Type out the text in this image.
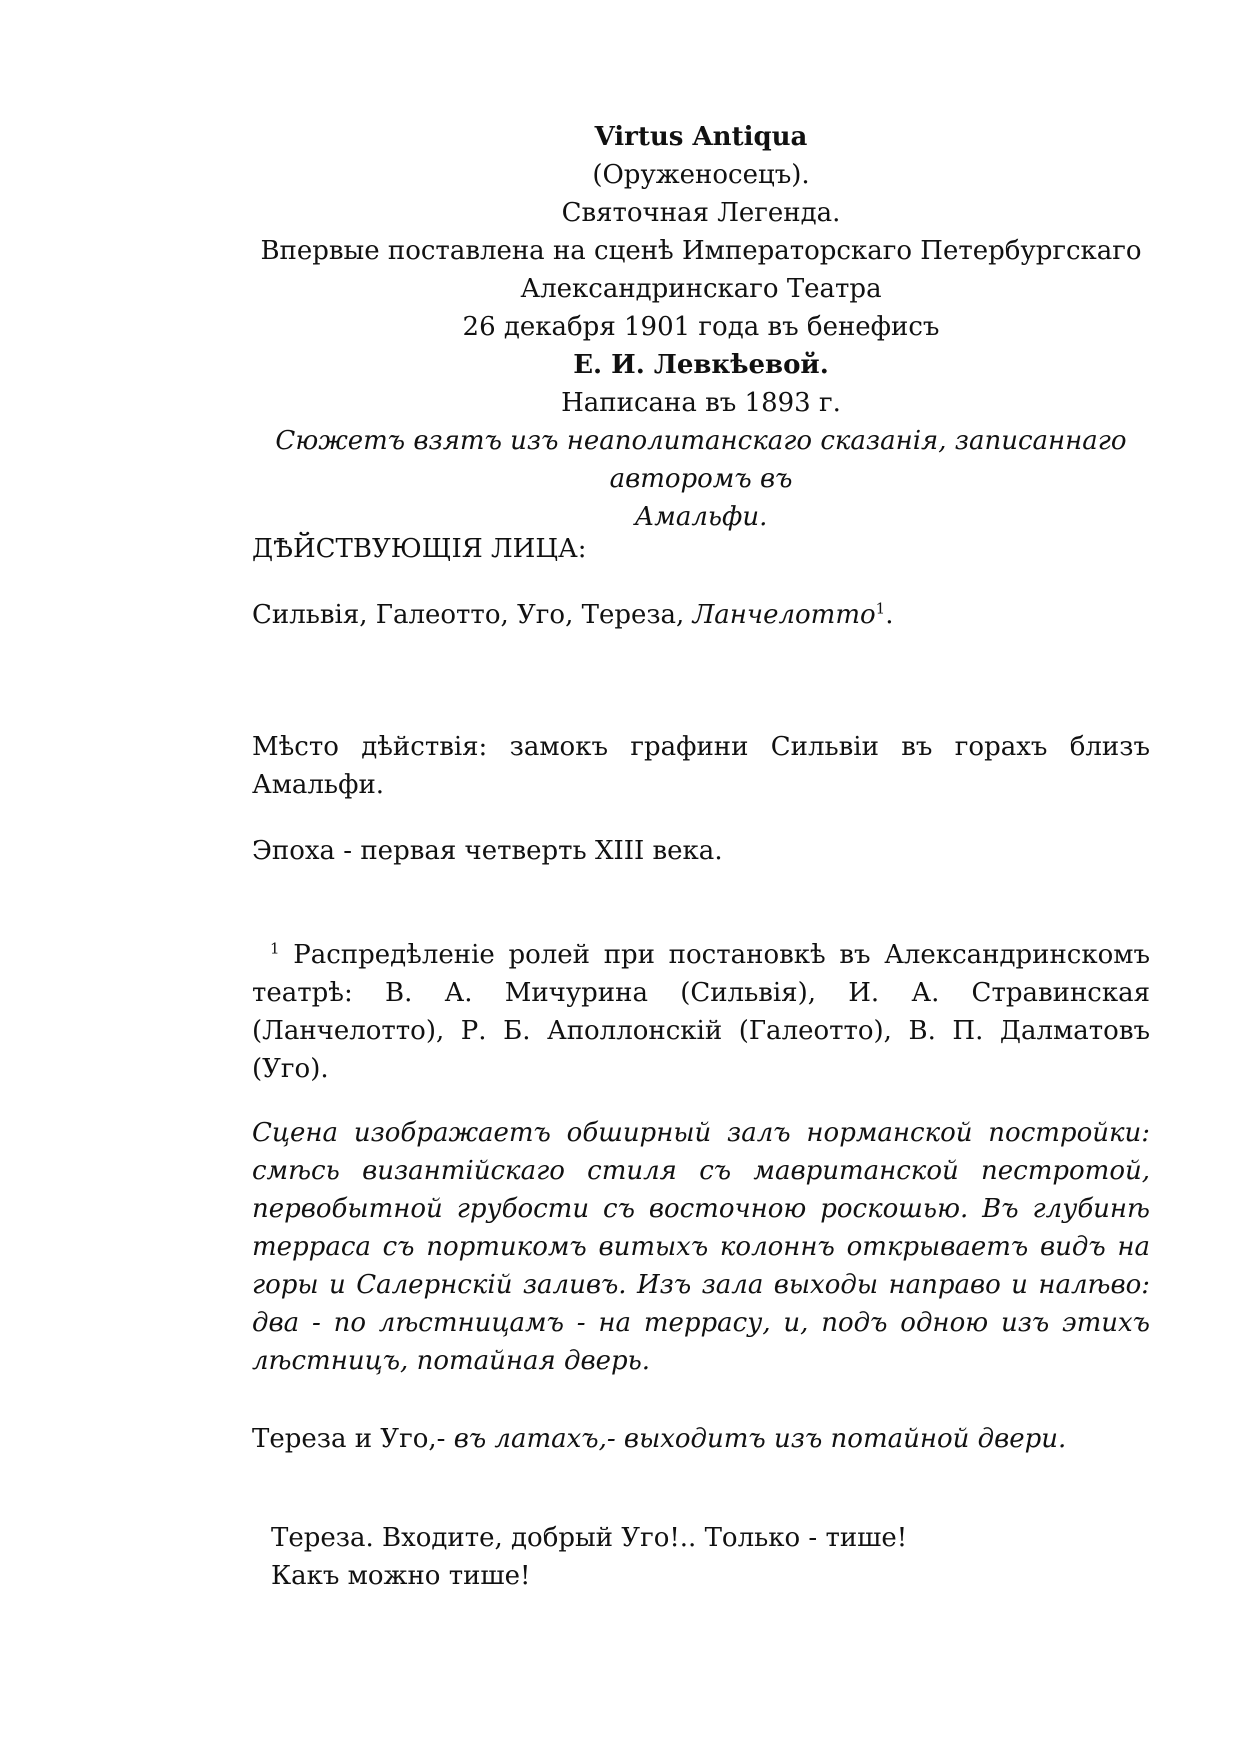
Virtus Antiqua

(Оруженосецъ).

Святочная Легенда.

Впервые поставлена на сценѣ Императорскаго Петербургскаго

Александринскаго Театра

26 декабря 1901 года въ бенефисъ

Е. И. Левкѣевой.

Написана въ 1893 г.

Сюжетъ взятъ изъ неаполитанскаго сказанія, записаннаго авторомъ въ

Амальфи.

ДѢЙСТВУЮЩІЯ ЛИЦА:

Сильвія, Галеотто, Уго, Тереза, Ланчелотто$^1$.

Мѣсто дѣйствія: замокъ графини Сильвіи въ горахъ близъ Амальфи.

Эпоха - первая четверть XIII века.

$^1$ Распредѣленіе ролей при постановкѣ въ Александринскомъ театрѣ: В. А. Мичурина (Сильвія), И. А. Стравинская (Ланчелотто), Р. Б. Аполлонскій (Галеотто), В. П. Далматовъ (Уго).

Сцена изображаетъ обширный залъ норманской постройки: смѣсь византійскаго стиля съ мавританской пестротой, первобытной грубости съ восточною роскошью. Въ глубинѣ терраса съ портикомъ витыхъ колоннъ открываетъ видъ на горы и Салернскій заливъ. Изъ зала выходы направо и налѣво: два - по лѣстницамъ - на террасу, и, подъ одною изъ этихъ лѣстницъ, потайная дверь.

Тереза и Уго,- въ латахъ,- выходитъ изъ потайной двери.

Тереза. Входите, добрый Уго!.. Только - тише!

Какъ можно тише!
